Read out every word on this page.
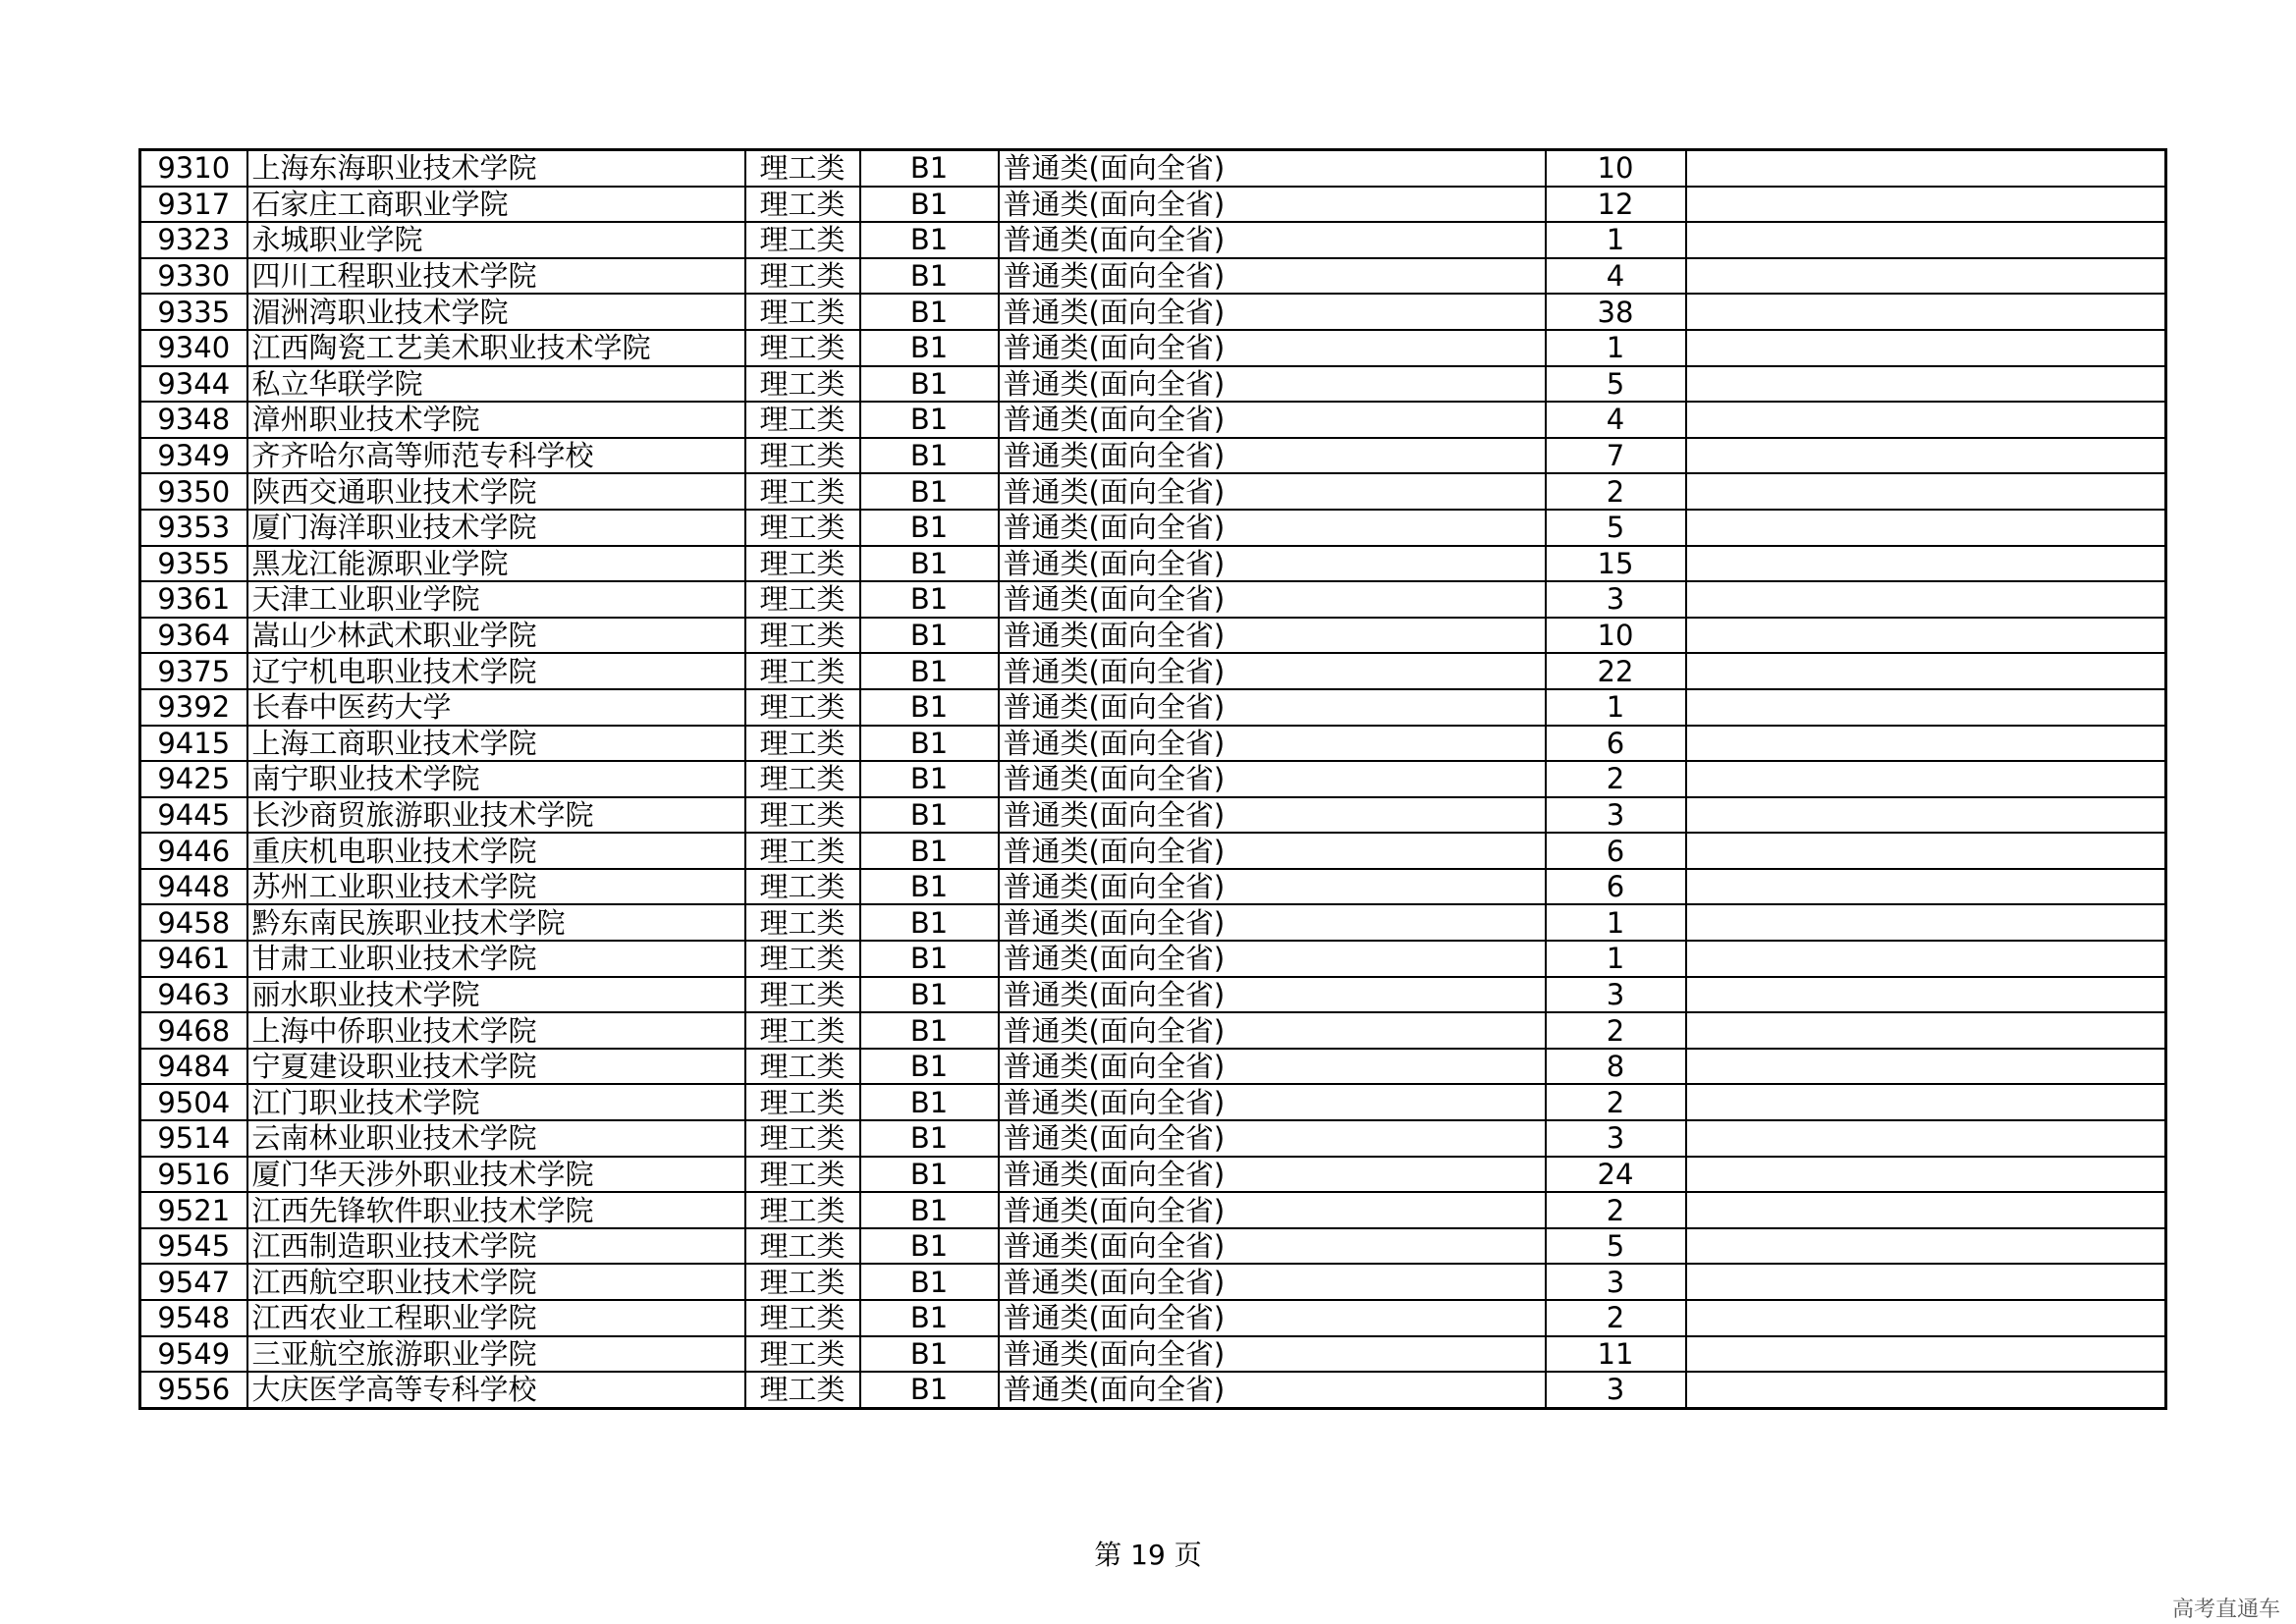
9310	上海东海职业技术学院	理工类	B1	普通类(面向全省)	10	
9317	石家庄工商职业学院	理工类	B1	普通类(面向全省)	12	
9323	永城职业学院	理工类	B1	普通类(面向全省)	1	
9330	四川工程职业技术学院	理工类	B1	普通类(面向全省)	4	
9335	湄洲湾职业技术学院	理工类	B1	普通类(面向全省)	38	
9340	江西陶瓷工艺美术职业技术学院	理工类	B1	普通类(面向全省)	1	
9344	私立华联学院	理工类	B1	普通类(面向全省)	5	
9348	漳州职业技术学院	理工类	B1	普通类(面向全省)	4	
9349	齐齐哈尔高等师范专科学校	理工类	B1	普通类(面向全省)	7	
9350	陕西交通职业技术学院	理工类	B1	普通类(面向全省)	2	
9353	厦门海洋职业技术学院	理工类	B1	普通类(面向全省)	5	
9355	黑龙江能源职业学院	理工类	B1	普通类(面向全省)	15	
9361	天津工业职业学院	理工类	B1	普通类(面向全省)	3	
9364	嵩山少林武术职业学院	理工类	B1	普通类(面向全省)	10	
9375	辽宁机电职业技术学院	理工类	B1	普通类(面向全省)	22	
9392	长春中医药大学	理工类	B1	普通类(面向全省)	1	
9415	上海工商职业技术学院	理工类	B1	普通类(面向全省)	6	
9425	南宁职业技术学院	理工类	B1	普通类(面向全省)	2	
9445	长沙商贸旅游职业技术学院	理工类	B1	普通类(面向全省)	3	
9446	重庆机电职业技术学院	理工类	B1	普通类(面向全省)	6	
9448	苏州工业职业技术学院	理工类	B1	普通类(面向全省)	6	
9458	黔东南民族职业技术学院	理工类	B1	普通类(面向全省)	1	
9461	甘肃工业职业技术学院	理工类	B1	普通类(面向全省)	1	
9463	丽水职业技术学院	理工类	B1	普通类(面向全省)	3	
9468	上海中侨职业技术学院	理工类	B1	普通类(面向全省)	2	
9484	宁夏建设职业技术学院	理工类	B1	普通类(面向全省)	8	
9504	江门职业技术学院	理工类	B1	普通类(面向全省)	2	
9514	云南林业职业技术学院	理工类	B1	普通类(面向全省)	3	
9516	厦门华天涉外职业技术学院	理工类	B1	普通类(面向全省)	24	
9521	江西先锋软件职业技术学院	理工类	B1	普通类(面向全省)	2	
9545	江西制造职业技术学院	理工类	B1	普通类(面向全省)	5	
9547	江西航空职业技术学院	理工类	B1	普通类(面向全省)	3	
9548	江西农业工程职业学院	理工类	B1	普通类(面向全省)	2	
9549	三亚航空旅游职业学院	理工类	B1	普通类(面向全省)	11	
9556	大庆医学高等专科学校	理工类	B1	普通类(面向全省)	3	
第 19 页
高考直通车
